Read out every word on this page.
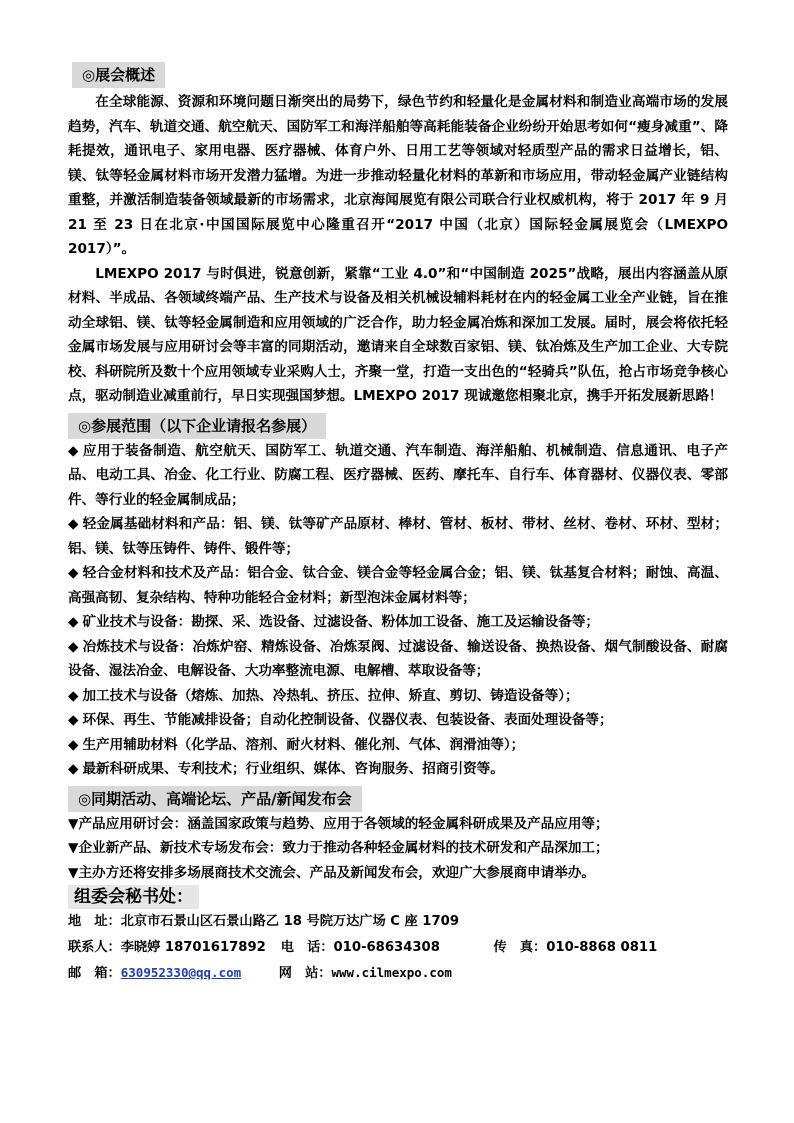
◎展会概述

在全球能源、资源和环境问题日渐突出的局势下，绿色节约和轻量化是金属材料和制造业高端市场的发展趋势，汽车、轨道交通、航空航天、国防军工和海洋船舶等高耗能装备企业纷纷开始思考如何“瘦身减重”、降耗提效，通讯电子、家用电器、医疗器械、体育户外、日用工艺等领域对轻质型产品的需求日益增长，铝、镁、钛等轻金属材料市场开发潜力猛增。为进一步推动轻量化材料的革新和市场应用，带动轻金属产业链结构重整，并激活制造装备领域最新的市场需求，北京海闻展览有限公司联合行业权威机构，将于 2017 年 9 月 21 至 23 日在北京·中国国际展览中心隆重召开“2017 中国（北京）国际轻金属展览会（LMEXPO 2017）”。

LMEXPO 2017 与时俱进，锐意创新，紧靠“工业 4.0”和“中国制造 2025”战略，展出内容涵盖从原材料、半成品、各领域终端产品、生产技术与设备及相关机械设辅料耗材在内的轻金属工业全产业链，旨在推动全球铝、镁、钛等轻金属制造和应用领域的广泛合作，助力轻金属冶炼和深加工发展。届时，展会将依托轻金属市场发展与应用研讨会等丰富的同期活动，邀请来自全球数百家铝、镁、钛冶炼及生产加工企业、大专院校、科研院所及数十个应用领域专业采购人士，齐聚一堂，打造一支出色的“轻骑兵”队伍，抢占市场竞争核心点，驱动制造业减重前行，早日实现强国梦想。LMEXPO 2017 现诚邀您相聚北京，携手开拓发展新思路！

◎参展范围（以下企业请报名参展）
◆ 应用于装备制造、航空航天、国防军工、轨道交通、汽车制造、海洋船舶、机械制造、信息通讯、电子产品、电动工具、冶金、化工行业、防腐工程、医疗器械、医药、摩托车、自行车、体育器材、仪器仪表、零部件、等行业的轻金属制成品；
◆ 轻金属基础材料和产品：铝、镁、钛等矿产品原材、棒材、管材、板材、带材、丝材、卷材、环材、型材；铝、镁、钛等压铸件、铸件、锻件等；
◆ 轻合金材料和技术及产品：铝合金、钛合金、镁合金等轻金属合金；铝、镁、钛基复合材料；耐蚀、高温、高强高韧、复杂结构、特种功能轻合金材料；新型泡沫金属材料等；
◆ 矿业技术与设备：勘探、采、选设备、过滤设备、粉体加工设备、施工及运输设备等；
◆ 冶炼技术与设备：冶炼炉窑、精炼设备、冶炼泵阀、过滤设备、输送设备、换热设备、烟气制酸设备、耐腐设备、湿法冶金、电解设备、大功率整流电源、电解槽、萃取设备等；
◆ 加工技术与设备（熔炼、加热、冷热轧、挤压、拉伸、矫直、剪切、铸造设备等）；
◆ 环保、再生、节能减排设备；自动化控制设备、仪器仪表、包装设备、表面处理设备等；
◆ 生产用辅助材料（化学品、溶剂、耐火材料、催化剂、气体、润滑油等）；
◆ 最新科研成果、专利技术；行业组织、媒体、咨询服务、招商引资等。
◎同期活动、高端论坛、产品/新闻发布会
▼产品应用研讨会：涵盖国家政策与趋势、应用于各领域的轻金属科研成果及产品应用等；
▼企业新产品、新技术专场发布会：致力于推动各种轻金属材料的技术研发和产品深加工；
▼主办方还将安排多场展商技术交流会、产品及新闻发布会，欢迎广大参展商申请举办。
组委会秘书处：
地　址：北京市石景山区石景山路乙 18 号院万达广场 C 座 1709
联系人：李晓婷 18701617892 电　话：010-68634308	传　真：010-8868 0811
邮　箱：630952330@qq.com	网　站：www.cilmexpo.com
